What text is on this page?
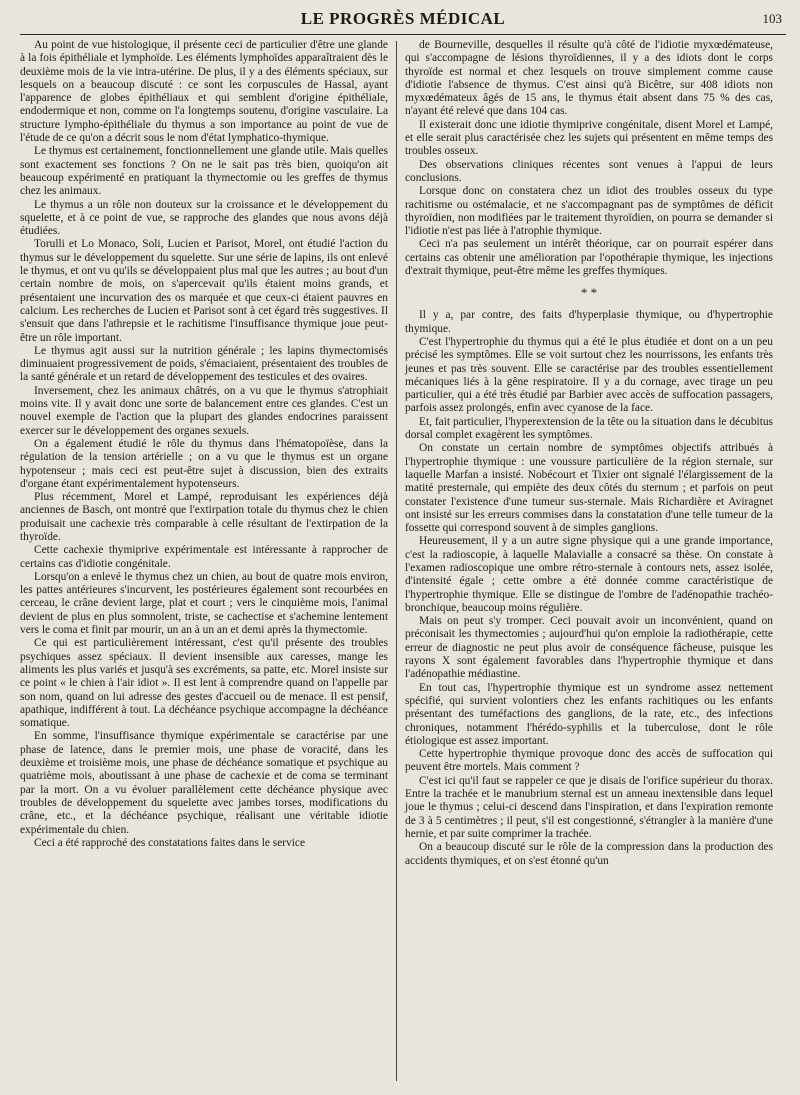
LE PROGRÈS MÉDICAL	103

Au point de vue histologique, il présente ceci de particulier d'être une glande à la fois épithéliale et lymphoïde. Les éléments lymphoïdes apparaîtraient dès le deuxième mois de la vie intra-utérine. De plus, il y a des éléments spéciaux, sur lesquels on a beaucoup discuté : ce sont les corpuscules de Hassal, ayant l'apparence de globes épithéliaux et qui semblent d'origine épithéliale, endodermique et non, comme on l'a longtemps soutenu, d'origine vasculaire. La structure lympho-épithéliale du thymus a son importance au point de vue de l'étude de ce qu'on a décrit sous le nom d'état lymphatico-thymique.

Le thymus est certainement, fonctionnellement une glande utile. Mais quelles sont exactement ses fonctions ? On ne le sait pas très bien, quoiqu'on ait beaucoup expérimenté en pratiquant la thymectomie ou les greffes de thymus chez les animaux.

Le thymus a un rôle non douteux sur la croissance et le développement du squelette, et à ce point de vue, se rapproche des glandes que nous avons déjà étudiées.

Torulli et Lo Monaco, Soli, Lucien et Parisot, Morel, ont étudié l'action du thymus sur le développement du squelette. Sur une série de lapins, ils ont enlevé le thymus, et ont vu qu'ils se développaient plus mal que les autres ; au bout d'un certain nombre de mois, on s'apercevait qu'ils étaient moins grands, et présentaient une incurvation des os marquée et que ceux-ci étaient pauvres en calcium. Les recherches de Lucien et Parisot sont à cet égard très suggestives. Il s'ensuit que dans l'athrepsie et le rachitisme l'insuffisance thymique joue peut-être un rôle important.

Le thymus agit aussi sur la nutrition générale ; les lapins thymectomisés diminuaient progressivement de poids, s'émaciaient, présentaient des troubles de la santé générale et un retard de développement des testicules et des ovaires.

Inversement, chez les animaux châtrés, on a vu que le thymus s'atrophiait moins vite. Il y avait donc une sorte de balancement entre ces glandes. C'est un nouvel exemple de l'action que la plupart des glandes endocrines paraissent exercer sur le développement des organes sexuels.

On a également étudié le rôle du thymus dans l'hématopoïèse, dans la régulation de la tension artérielle ; on a vu que le thymus est un organe hypotenseur ; mais ceci est peut-être sujet à discussion, bien des extraits d'organe étant expérimentalement hypotenseurs.

Plus récemment, Morel et Lampé, reproduisant les expériences déjà anciennes de Basch, ont montré que l'extirpation totale du thymus chez le chien produisait une cachexie très comparable à celle résultant de l'extirpation de la thyroïde.

Cette cachexie thymiprive expérimentale est intéressante à rapprocher de certains cas d'idiotie congénitale.

Lorsqu'on a enlevé le thymus chez un chien, au bout de quatre mois environ, les pattes antérieures s'incurvent, les postérieures également sont recourbées en cerceau, le crâne devient large, plat et court ; vers le cinquième mois, l'animal devient de plus en plus somnolent, triste, se cachectise et s'achemine lentement vers le coma et finit par mourir, un an à un an et demi après la thymectomie.

Ce qui est particulièrement intéressant, c'est qu'il présente des troubles psychiques assez spéciaux. Il devient insensible aux caresses, mange les aliments les plus variés et jusqu'à ses excréments, sa patte, etc. Morel insiste sur ce point « le chien à l'air idiot ». Il est lent à comprendre quand on l'appelle par son nom, quand on lui adresse des gestes d'accueil ou de menace. Il est pensif, apathique, indifférent à tout. La déchéance psychique accompagne la déchéance somatique.

En somme, l'insuffisance thymique expérimentale se caractérise par une phase de latence, dans le premier mois, une phase de voracité, dans les deuxième et troisième mois, une phase de déchéance somatique et psychique au quatrième mois, aboutissant à une phase de cachexie et de coma se terminant par la mort. On a vu évoluer parallèlement cette déchéance physique avec troubles de développement du squelette avec jambes torses, modifications du crâne, etc., et la déchéance psychique, réalisant une véritable idiotie expérimentale du chien.

Ceci a été rapproché des constatations faites dans le service

de Bourneville, desquelles il résulte qu'à côté de l'idiotie myxœdémateuse, qui s'accompagne de lésions thyroïdiennes, il y a des idiots dont le corps thyroïde est normal et chez lesquels on trouve simplement comme cause d'idiotie l'absence de thymus. C'est ainsi qu'à Bicêtre, sur 408 idiots non myxœdémateux âgés de 15 ans, le thymus était absent dans 75 % des cas, n'ayant été relevé que dans 104 cas.

Il existerait donc une idiotie thymiprive congénitale, disent Morel et Lampé, et elle serait plus caractérisée chez les sujets qui présentent en même temps des troubles osseux.

Des observations cliniques récentes sont venues à l'appui de leurs conclusions.

Lorsque donc on constatera chez un idiot des troubles osseux du type rachitisme ou ostémalacie, et ne s'accompagnant pas de symptômes de déficit thyroïdien, non modifiées par le traitement thyroïdien, on pourra se demander si l'idiotie n'est pas liée à l'atrophie thymique.

Ceci n'a pas seulement un intérêt théorique, car on pourrait espérer dans certains cas obtenir une amélioration par l'opothérapie thymique, les injections d'extrait thymique, peut-être même les greffes thymiques.

* *

Il y a, par contre, des faits d'hyperplasie thymique, ou d'hypertrophie thymique.

C'est l'hypertrophie du thymus qui a été le plus étudiée et dont on a un peu précisé les symptômes. Elle se voit surtout chez les nourrissons, les enfants très jeunes et pas très souvent. Elle se caractérise par des troubles essentiellement mécaniques liés à la gêne respiratoire. Il y a du cornage, avec tirage un peu particulier, qui a été très étudié par Barbier avec accès de suffocation passagers, parfois assez prolongés, enfin avec cyanose de la face.

Et, fait particulier, l'hyperextension de la tête ou la situation dans le décubitus dorsal complet exagèrent les symptômes.

On constate un certain nombre de symptômes objectifs attribués à l'hypertrophie thymique : une voussure particulière de la région sternale, sur laquelle Marfan a insisté. Nobécourt et Tixier ont signalé l'élargissement de la matité presternale, qui empiète des deux côtés du sternum ; et parfois on peut constater l'existence d'une tumeur sus-sternale. Mais Richardière et Aviragnet ont insisté sur les erreurs commises dans la constatation d'une telle tumeur de la fossette qui correspond souvent à de simples ganglions.

Heureusement, il y a un autre signe physique qui a une grande importance, c'est la radioscopie, à laquelle Malavialle a consacré sa thèse. On constate à l'examen radioscopique une ombre rétro-sternale à contours nets, assez isolée, d'intensité égale ; cette ombre a été donnée comme caractéristique de l'hypertrophie thymique. Elle se distingue de l'ombre de l'adénopathie trachéo-bronchique, beaucoup moins régulière.

Mais on peut s'y tromper. Ceci pouvait avoir un inconvénient, quand on préconisait les thymectomies ; aujourd'hui qu'on emploie la radiothérapie, cette erreur de diagnostic ne peut plus avoir de conséquence fâcheuse, puisque les rayons X sont également favorables dans l'hypertrophie thymique et dans l'adénopathie médiastine.

En tout cas, l'hypertrophie thymique est un syndrome assez nettement spécifié, qui survient volontiers chez les enfants rachitiques ou les enfants présentant des tuméfactions des ganglions, de la rate, etc., des infections chroniques, notamment l'hérédo-syphilis et la tuberculose, dont le rôle étiologique est assez important.

Cette hypertrophie thymique provoque donc des accès de suffocation qui peuvent être mortels. Mais comment ?

C'est ici qu'il faut se rappeler ce que je disais de l'orifice supérieur du thorax. Entre la trachée et le manubrium sternal est un anneau inextensible dans lequel joue le thymus ; celui-ci descend dans l'inspiration, et dans l'expiration remonte de 3 à 5 centimètres ; il peut, s'il est congestionné, s'étrangler à la manière d'une hernie, et par suite comprimer la trachée.

On a beaucoup discuté sur le rôle de la compression dans la production des accidents thymiques, et on s'est étonné qu'un
